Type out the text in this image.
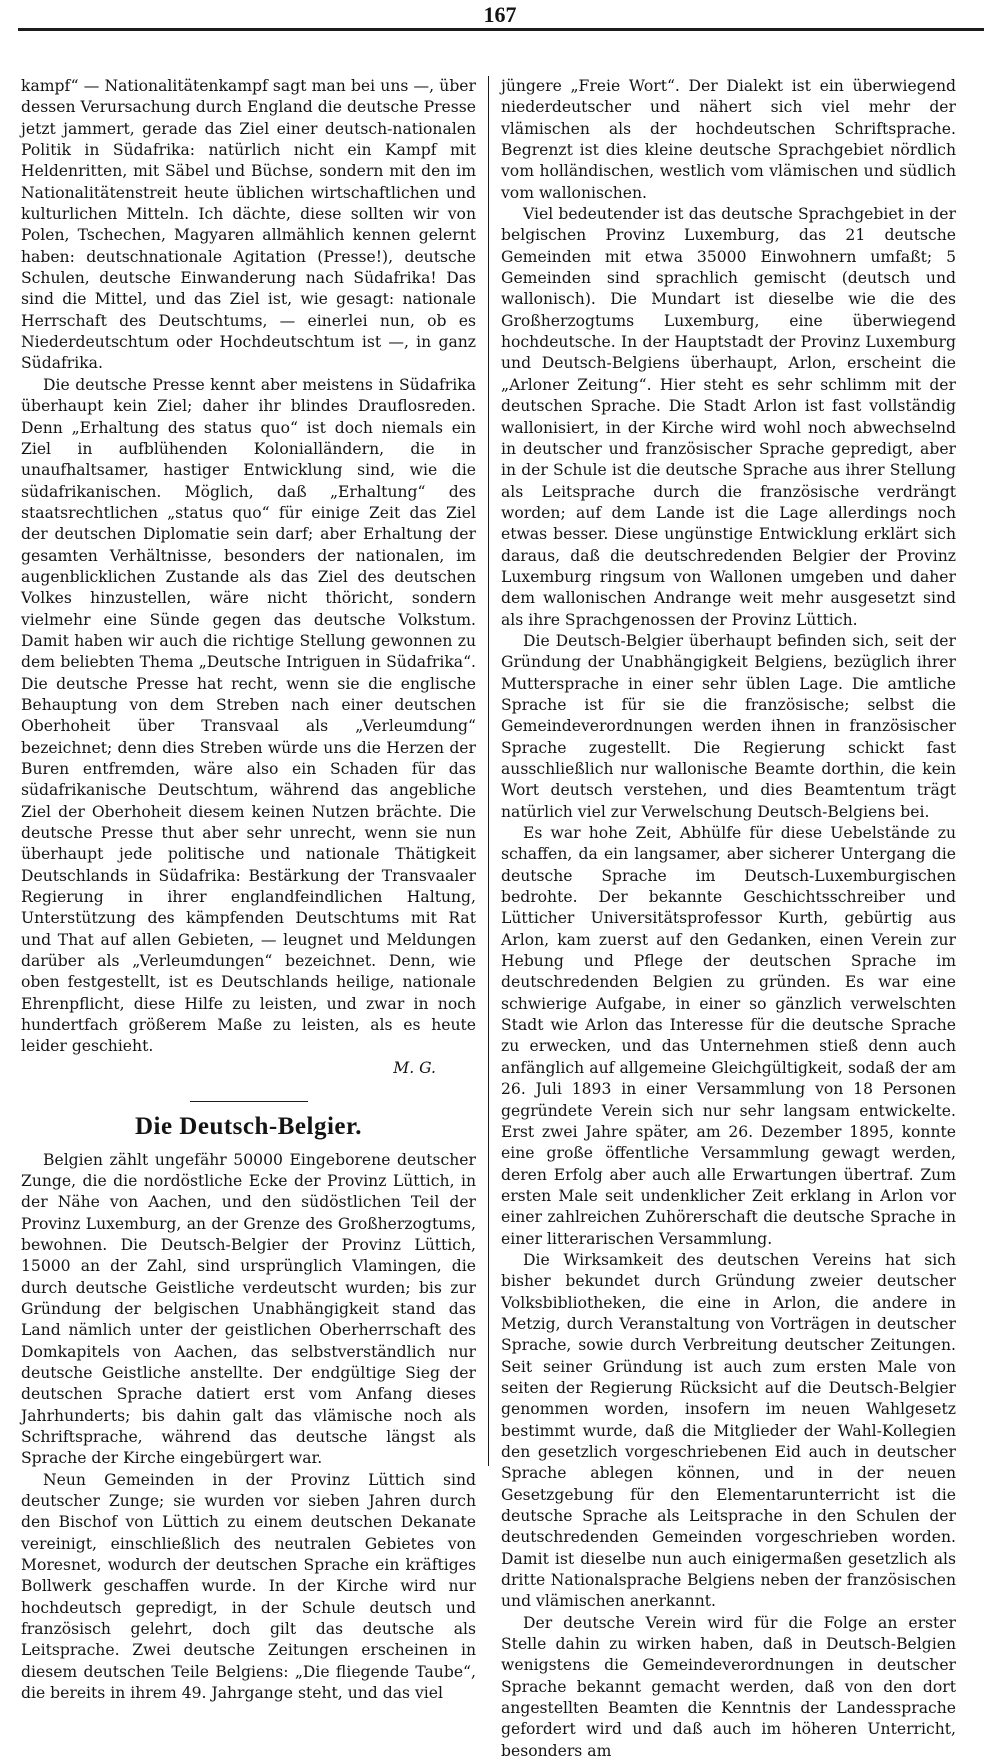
167

kampf“ — Nationalitätenkampf sagt man bei uns —, über dessen Verursachung durch England die deutsche Presse jetzt jammert, gerade das Ziel einer deutsch-nationalen Politik in Südafrika: natürlich nicht ein Kampf mit Heldenritten, mit Säbel und Büchse, sondern mit den im Nationalitätenstreit heute üblichen wirtschaftlichen und kulturlichen Mitteln. Ich dächte, diese sollten wir von Polen, Tschechen, Magyaren allmählich kennen gelernt haben: deutschnationale Agitation (Presse!), deutsche Schulen, deutsche Einwanderung nach Südafrika! Das sind die Mittel, und das Ziel ist, wie gesagt: nationale Herrschaft des Deutschtums, — einerlei nun, ob es Niederdeutschtum oder Hochdeutschtum ist —, in ganz Südafrika.

Die deutsche Presse kennt aber meistens in Südafrika überhaupt kein Ziel; daher ihr blindes Drauflosreden. Denn „Erhaltung des status quo“ ist doch niemals ein Ziel in aufblühenden Kolonialländern, die in unaufhaltsamer, hastiger Entwicklung sind, wie die südafrikanischen. Möglich, daß „Erhaltung“ des staatsrechtlichen „status quo“ für einige Zeit das Ziel der deutschen Diplomatie sein darf; aber Erhaltung der gesamten Verhältnisse, besonders der nationalen, im augenblicklichen Zustande als das Ziel des deutschen Volkes hinzustellen, wäre nicht thöricht, sondern vielmehr eine Sünde gegen das deutsche Volkstum. Damit haben wir auch die richtige Stellung gewonnen zu dem beliebten Thema „Deutsche Intriguen in Südafrika“. Die deutsche Presse hat recht, wenn sie die englische Behauptung von dem Streben nach einer deutschen Oberhoheit über Transvaal als „Verleumdung“ bezeichnet; denn dies Streben würde uns die Herzen der Buren entfremden, wäre also ein Schaden für das südafrikanische Deutschtum, während das angebliche Ziel der Oberhoheit diesem keinen Nutzen brächte. Die deutsche Presse thut aber sehr unrecht, wenn sie nun überhaupt jede politische und nationale Thätigkeit Deutschlands in Südafrika: Bestärkung der Transvaaler Regierung in ihrer englandfeindlichen Haltung, Unterstützung des kämpfenden Deutschtums mit Rat und That auf allen Gebieten, — leugnet und Meldungen darüber als „Verleumdungen“ bezeichnet. Denn, wie oben festgestellt, ist es Deutschlands heilige, nationale Ehrenpflicht, diese Hilfe zu leisten, und zwar in noch hundertfach größerem Maße zu leisten, als es heute leider geschieht.

M. G.

Die Deutsch-Belgier.

Belgien zählt ungefähr 50000 Eingeborene deutscher Zunge, die die nordöstliche Ecke der Provinz Lüttich, in der Nähe von Aachen, und den südöstlichen Teil der Provinz Luxemburg, an der Grenze des Großherzogtums, bewohnen. Die Deutsch-Belgier der Provinz Lüttich, 15000 an der Zahl, sind ursprünglich Vlamingen, die durch deutsche Geistliche verdeutscht wurden; bis zur Gründung der belgischen Unabhängigkeit stand das Land nämlich unter der geistlichen Oberherrschaft des Domkapitels von Aachen, das selbstverständlich nur deutsche Geistliche anstellte. Der endgültige Sieg der deutschen Sprache datiert erst vom Anfang dieses Jahrhunderts; bis dahin galt das vlämische noch als Schriftsprache, während das deutsche längst als Sprache der Kirche eingebürgert war.

Neun Gemeinden in der Provinz Lüttich sind deutscher Zunge; sie wurden vor sieben Jahren durch den Bischof von Lüttich zu einem deutschen Dekanate vereinigt, einschließlich des neutralen Gebietes von Moresnet, wodurch der deutschen Sprache ein kräftiges Bollwerk geschaffen wurde. In der Kirche wird nur hochdeutsch gepredigt, in der Schule deutsch und französisch gelehrt, doch gilt das deutsche als Leitsprache. Zwei deutsche Zeitungen erscheinen in diesem deutschen Teile Belgiens: „Die fliegende Taube“, die bereits in ihrem 49. Jahrgange steht, und das viel

jüngere „Freie Wort“. Der Dialekt ist ein überwiegend niederdeutscher und nähert sich viel mehr der vlämischen als der hochdeutschen Schriftsprache. Begrenzt ist dies kleine deutsche Sprachgebiet nördlich vom holländischen, westlich vom vlämischen und südlich vom wallonischen.

Viel bedeutender ist das deutsche Sprachgebiet in der belgischen Provinz Luxemburg, das 21 deutsche Gemeinden mit etwa 35000 Einwohnern umfaßt; 5 Gemeinden sind sprachlich gemischt (deutsch und wallonisch). Die Mundart ist dieselbe wie die des Großherzogtums Luxemburg, eine überwiegend hochdeutsche. In der Hauptstadt der Provinz Luxemburg und Deutsch-Belgiens überhaupt, Arlon, erscheint die „Arloner Zeitung“. Hier steht es sehr schlimm mit der deutschen Sprache. Die Stadt Arlon ist fast vollständig wallonisiert, in der Kirche wird wohl noch abwechselnd in deutscher und französischer Sprache gepredigt, aber in der Schule ist die deutsche Sprache aus ihrer Stellung als Leitsprache durch die französische verdrängt worden; auf dem Lande ist die Lage allerdings noch etwas besser. Diese ungünstige Entwicklung erklärt sich daraus, daß die deutschredenden Belgier der Provinz Luxemburg ringsum von Wallonen umgeben und daher dem wallonischen Andrange weit mehr ausgesetzt sind als ihre Sprachgenossen der Provinz Lüttich.

Die Deutsch-Belgier überhaupt befinden sich, seit der Gründung der Unabhängigkeit Belgiens, bezüglich ihrer Muttersprache in einer sehr üblen Lage. Die amtliche Sprache ist für sie die französische; selbst die Gemeindeverordnungen werden ihnen in französischer Sprache zugestellt. Die Regierung schickt fast ausschließlich nur wallonische Beamte dorthin, die kein Wort deutsch verstehen, und dies Beamtentum trägt natürlich viel zur Verwelschung Deutsch-Belgiens bei.

Es war hohe Zeit, Abhülfe für diese Uebelstände zu schaffen, da ein langsamer, aber sicherer Untergang die deutsche Sprache im Deutsch-Luxemburgischen bedrohte. Der bekannte Geschichtsschreiber und Lütticher Universitätsprofessor Kurth, gebürtig aus Arlon, kam zuerst auf den Gedanken, einen Verein zur Hebung und Pflege der deutschen Sprache im deutschredenden Belgien zu gründen. Es war eine schwierige Aufgabe, in einer so gänzlich verwelschten Stadt wie Arlon das Interesse für die deutsche Sprache zu erwecken, und das Unternehmen stieß denn auch anfänglich auf allgemeine Gleichgültigkeit, sodaß der am 26. Juli 1893 in einer Versammlung von 18 Personen gegründete Verein sich nur sehr langsam entwickelte. Erst zwei Jahre später, am 26. Dezember 1895, konnte eine große öffentliche Versammlung gewagt werden, deren Erfolg aber auch alle Erwartungen übertraf. Zum ersten Male seit undenklicher Zeit erklang in Arlon vor einer zahlreichen Zuhörerschaft die deutsche Sprache in einer litterarischen Versammlung.

Die Wirksamkeit des deutschen Vereins hat sich bisher bekundet durch Gründung zweier deutscher Volksbibliotheken, die eine in Arlon, die andere in Metzig, durch Veranstaltung von Vorträgen in deutscher Sprache, sowie durch Verbreitung deutscher Zeitungen. Seit seiner Gründung ist auch zum ersten Male von seiten der Regierung Rücksicht auf die Deutsch-Belgier genommen worden, insofern im neuen Wahlgesetz bestimmt wurde, daß die Mitglieder der Wahl-Kollegien den gesetzlich vorgeschriebenen Eid auch in deutscher Sprache ablegen können, und in der neuen Gesetzgebung für den Elementarunterricht ist die deutsche Sprache als Leitsprache in den Schulen der deutschredenden Gemeinden vorgeschrieben worden. Damit ist dieselbe nun auch einigermaßen gesetzlich als dritte Nationalsprache Belgiens neben der französischen und vlämischen anerkannt.

Der deutsche Verein wird für die Folge an erster Stelle dahin zu wirken haben, daß in Deutsch-Belgien wenigstens die Gemeindeverordnungen in deutscher Sprache bekannt gemacht werden, daß von den dort angestellten Beamten die Kenntnis der Landessprache gefordert wird und daß auch im höheren Unterricht, besonders am
